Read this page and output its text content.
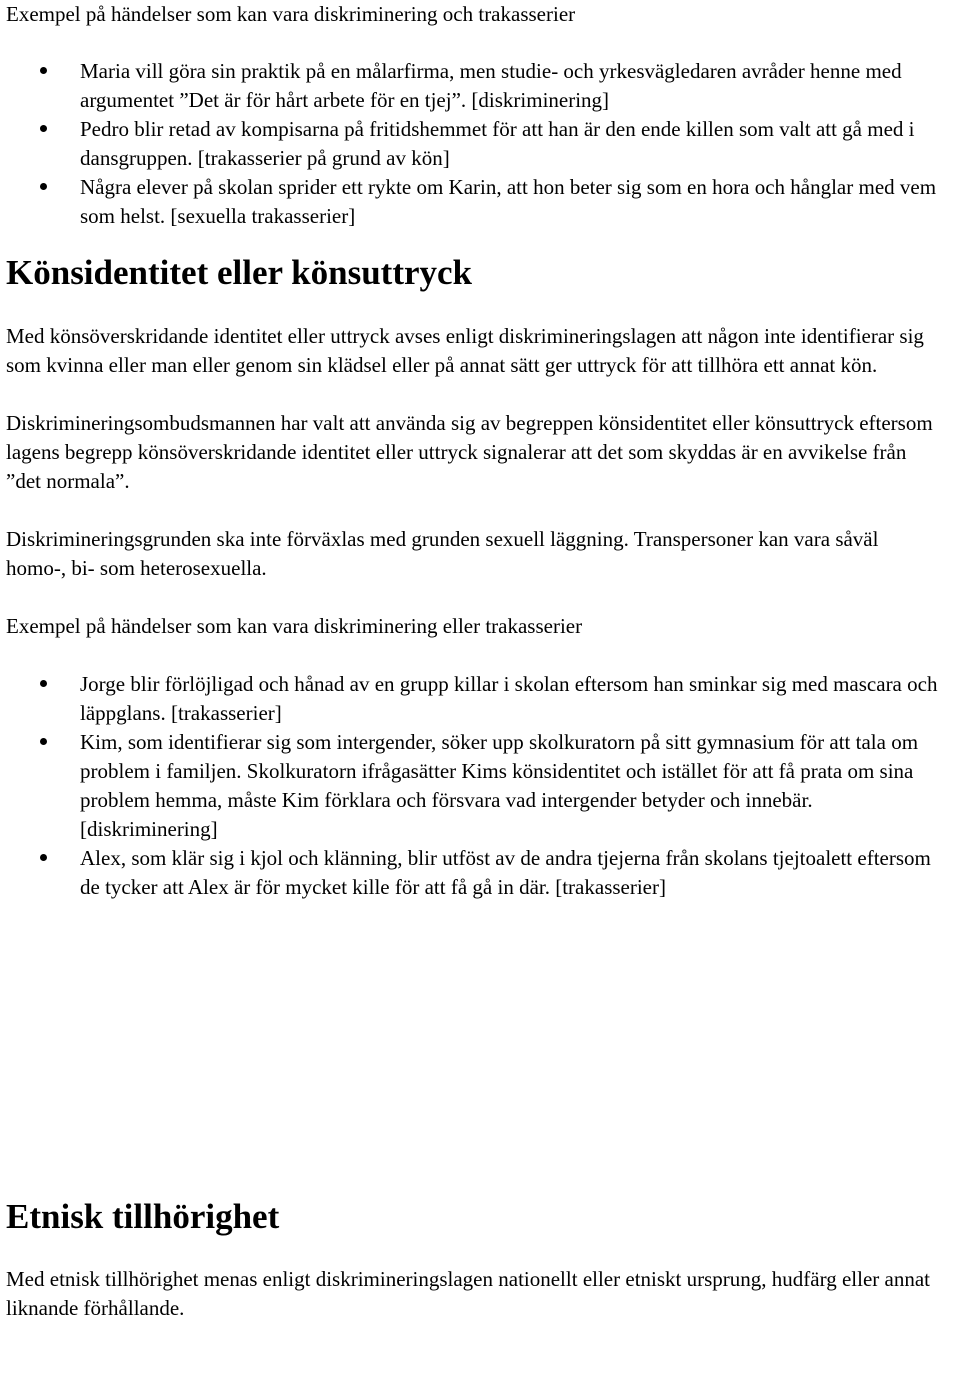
Exempel på händelser som kan vara diskriminering och trakasserier

Maria vill göra sin praktik på en målarfirma, men studie- och yrkesvägledaren avråder henne med argumentet ”Det är för hårt arbete för en tjej”. [diskriminering]
Pedro blir retad av kompisarna på fritidshemmet för att han är den ende killen som valt att gå med i dansgruppen. [trakasserier på grund av kön]
Några elever på skolan sprider ett rykte om Karin, att hon beter sig som en hora och hånglar med vem som helst. [sexuella trakasserier]
Könsidentitet eller könsuttryck

Med könsöverskridande identitet eller uttryck avses enligt diskrimineringslagen att någon inte identifierar sig som kvinna eller man eller genom sin klädsel eller på annat sätt ger uttryck för att tillhöra ett annat kön.

Diskrimineringsombudsmannen har valt att använda sig av begreppen könsidentitet eller könsuttryck eftersom lagens begrepp könsöverskridande identitet eller uttryck signalerar att det som skyddas är en avvikelse från ”det normala”.

Diskrimineringsgrunden ska inte förväxlas med grunden sexuell läggning. Transpersoner kan vara såväl homo-, bi- som heterosexuella.

Exempel på händelser som kan vara diskriminering eller trakasserier

Jorge blir förlöjligad och hånad av en grupp killar i skolan eftersom han sminkar sig med mascara och läppglans. [trakasserier]
Kim, som identifierar sig som intergender, söker upp skolkuratorn på sitt gymnasium för att tala om problem i familjen. Skolkuratorn ifrågasätter Kims könsidentitet och istället för att få prata om sina problem hemma, måste Kim förklara och försvara vad intergender betyder och innebär. [diskriminering]
Alex, som klär sig i kjol och klänning, blir utföst av de andra tjejerna från skolans tjejtoalett eftersom de tycker att Alex är för mycket kille för att få gå in där. [trakasserier]
Etnisk tillhörighet

Med etnisk tillhörighet menas enligt diskrimineringslagen nationellt eller etniskt ursprung, hudfärg eller annat liknande förhållande.
